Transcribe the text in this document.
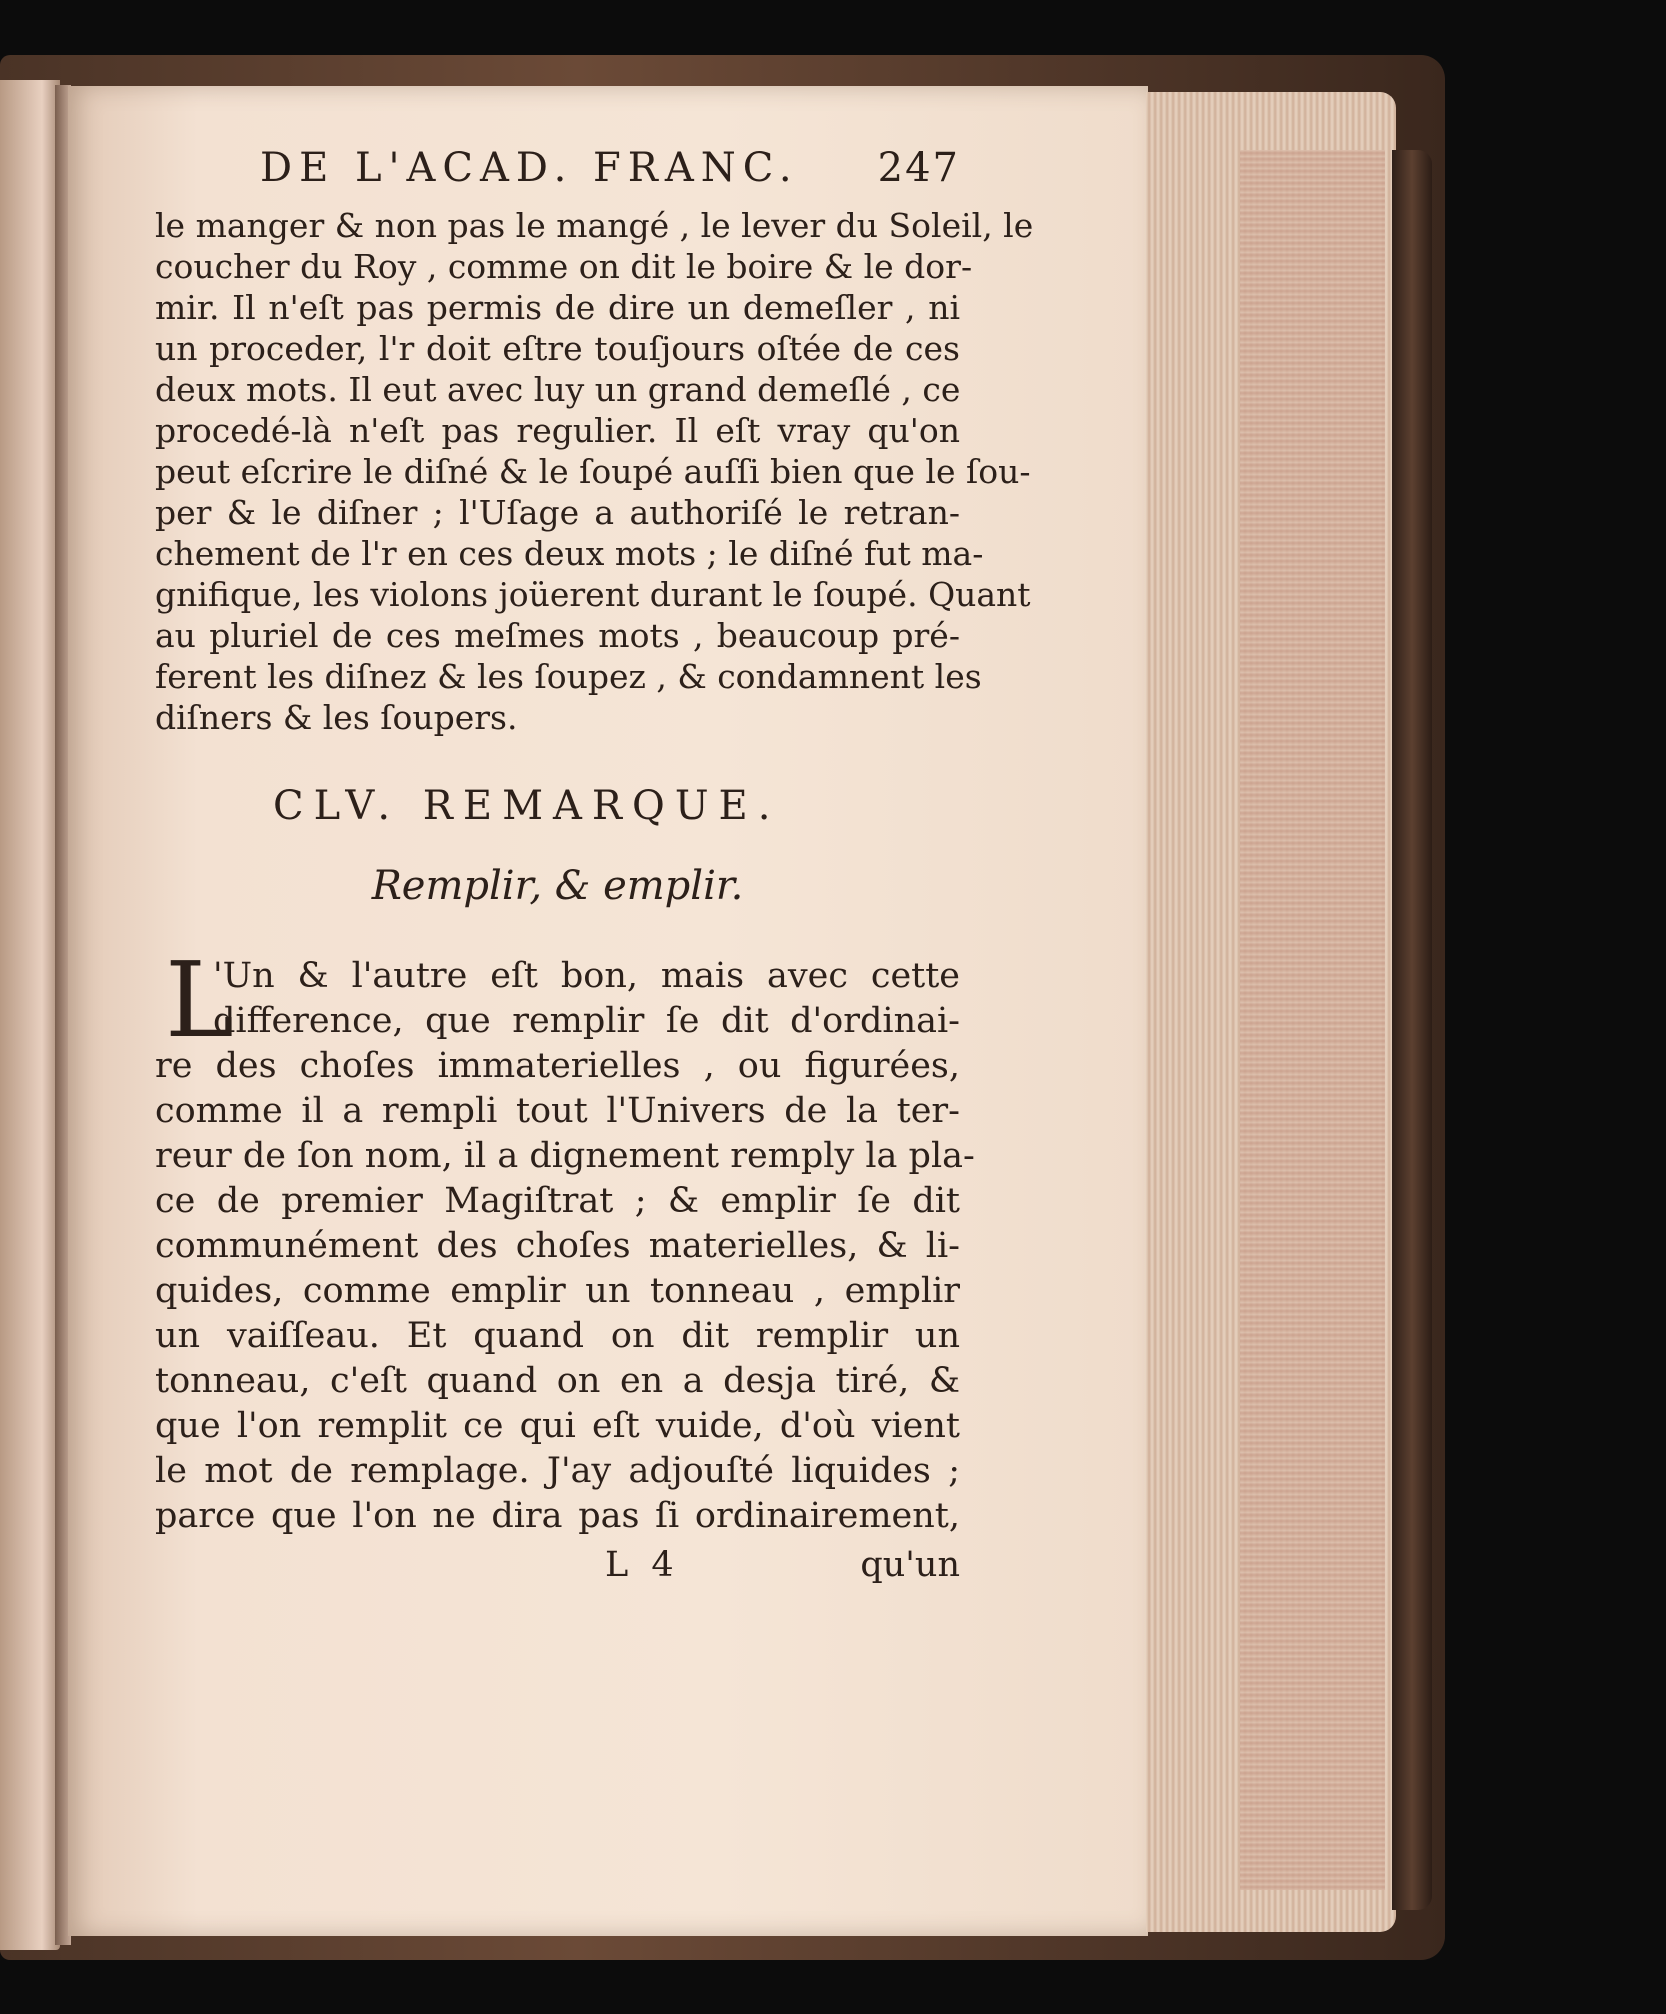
DE L'ACAD. FRANC. 247
le manger & non pas le mangé , le lever du Soleil, le
coucher du Roy , comme on dit le boire & le dor-
mir. Il n'eſt pas permis de dire un demeſler , ni
un proceder, l'r doit eſtre touſjours oſtée de ces
deux mots. Il eut avec luy un grand demeſlé , ce
procedé-là n'eſt pas regulier. Il eſt vray qu'on
peut eſcrire le diſné & le ſoupé auſſi bien que le ſou-
per & le diſner ; l'Uſage a authoriſé le retran-
chement de l'r en ces deux mots ; le diſné fut ma-
gnifique, les violons joüerent durant le ſoupé. Quant
au pluriel de ces meſmes mots , beaucoup pré-
ferent les diſnez & les ſoupez , & condamnent les
diſners & les ſoupers.
CLV. REMARQUE.
Remplir, & emplir.
L
'Un & l'autre eſt bon, mais avec cette
difference, que remplir ſe dit d'ordinai-
re des choſes immaterielles , ou figurées,
comme il a rempli tout l'Univers de la ter-
reur de ſon nom, il a dignement remply la pla-
ce de premier Magiſtrat ; & emplir ſe dit
communément des choſes materielles, & li-
quides, comme emplir un tonneau , emplir
un vaiſſeau. Et quand on dit remplir un
tonneau, c'eſt quand on en a desja tiré, &
que l'on remplit ce qui eſt vuide, d'où vient
le mot de remplage. J'ay adjouſté liquides ;
parce que l'on ne dira pas ſi ordinairement,
L 4	qu'un
